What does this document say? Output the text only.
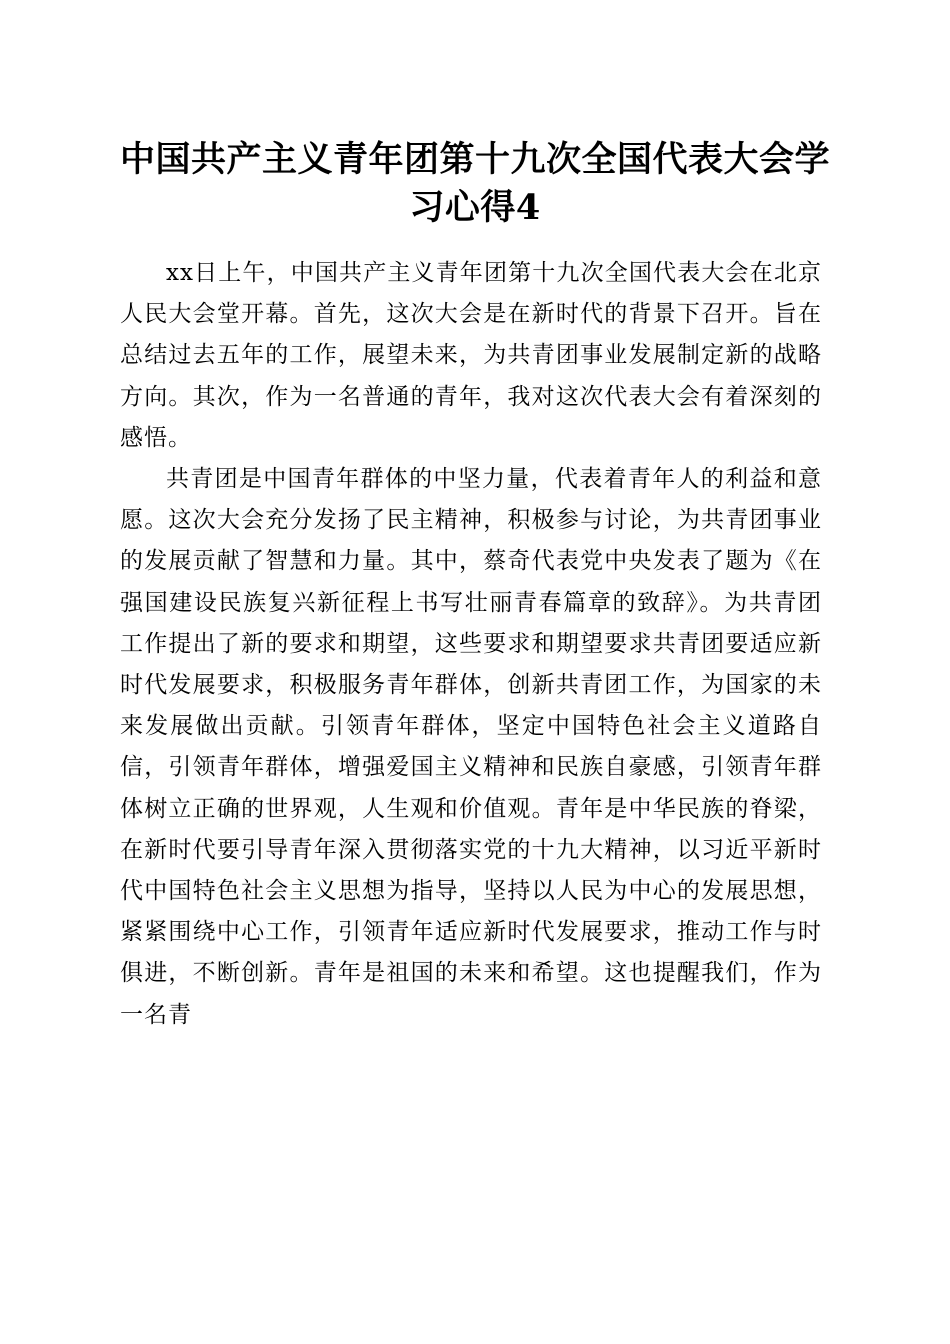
中国共产主义青年团第十九次全国代表大会学习心得4

xx日上午，中国共产主义青年团第十九次全国代表大会在北京人民大会堂开幕。首先，这次大会是在新时代的背景下召开。旨在总结过去五年的工作，展望未来，为共青团事业发展制定新的战略方向。其次，作为一名普通的青年，我对这次代表大会有着深刻的感悟。

共青团是中国青年群体的中坚力量，代表着青年人的利益和意愿。这次大会充分发扬了民主精神，积极参与讨论，为共青团事业的发展贡献了智慧和力量。其中，蔡奇代表党中央发表了题为《在强国建设民族复兴新征程上书写壮丽青春篇章的致辞》。为共青团工作提出了新的要求和期望，这些要求和期望要求共青团要适应新时代发展要求，积极服务青年群体，创新共青团工作，为国家的未来发展做出贡献。引领青年群体，坚定中国特色社会主义道路自信，引领青年群体，增强爱国主义精神和民族自豪感，引领青年群体树立正确的世界观，人生观和价值观。青年是中华民族的脊梁，在新时代要引导青年深入贯彻落实党的十九大精神，以习近平新时代中国特色社会主义思想为指导，坚持以人民为中心的发展思想，紧紧围绕中心工作，引领青年适应新时代发展要求，推动工作与时俱进，不断创新。青年是祖国的未来和希望。这也提醒我们，作为一名青
